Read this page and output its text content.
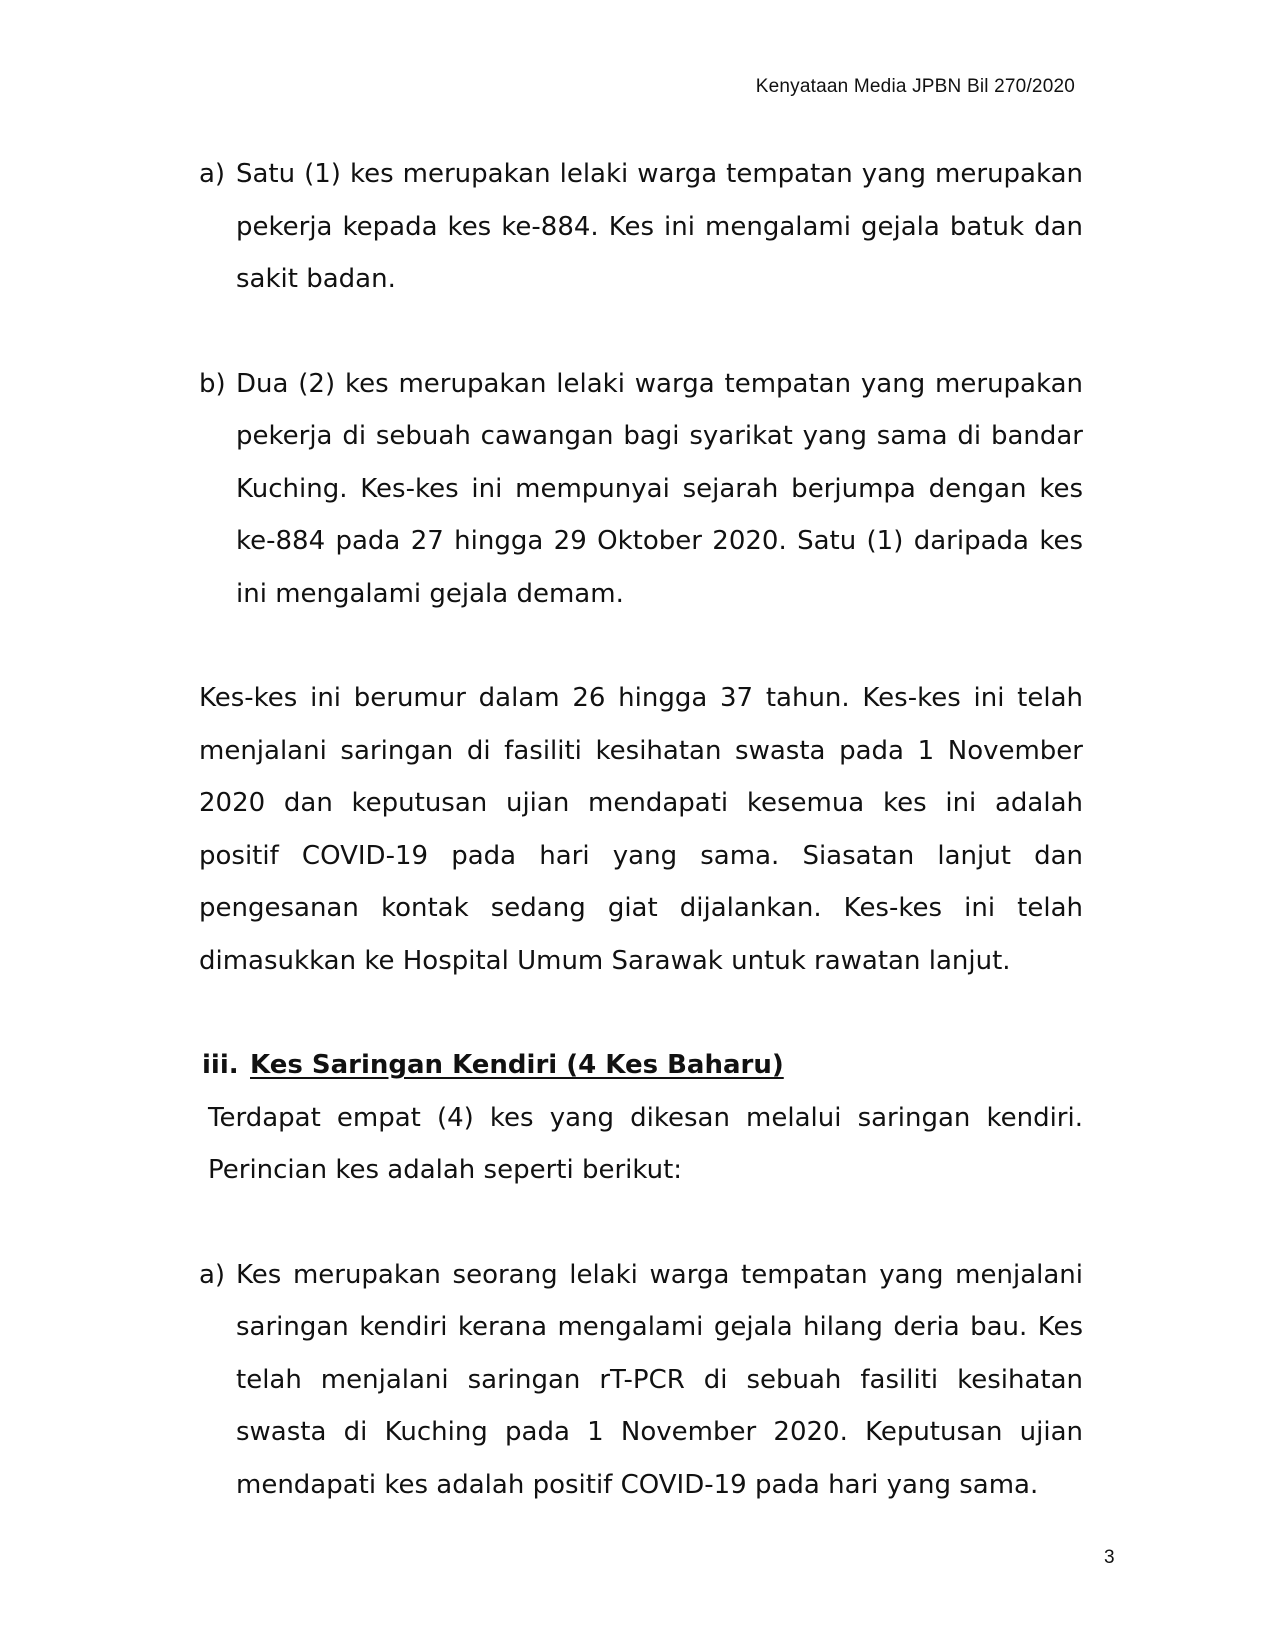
Kenyataan Media JPBN Bil 270/2020
a) Satu (1) kes merupakan lelaki warga tempatan yang merupakan pekerja kepada kes ke-884. Kes ini mengalami gejala batuk dan sakit badan.
b) Dua (2) kes merupakan lelaki warga tempatan yang merupakan pekerja di sebuah cawangan bagi syarikat yang sama di bandar Kuching. Kes-kes ini mempunyai sejarah berjumpa dengan kes ke-884 pada 27 hingga 29 Oktober 2020. Satu (1) daripada kes ini mengalami gejala demam.
Kes-kes ini berumur dalam 26 hingga 37 tahun. Kes-kes ini telah menjalani saringan di fasiliti kesihatan swasta pada 1 November 2020 dan keputusan ujian mendapati kesemua kes ini adalah positif COVID-19 pada hari yang sama. Siasatan lanjut dan pengesanan kontak sedang giat dijalankan. Kes-kes ini telah dimasukkan ke Hospital Umum Sarawak untuk rawatan lanjut.
iii. Kes Saringan Kendiri (4 Kes Baharu)
Terdapat empat (4) kes yang dikesan melalui saringan kendiri. Perincian kes adalah seperti berikut:
a) Kes merupakan seorang lelaki warga tempatan yang menjalani saringan kendiri kerana mengalami gejala hilang deria bau. Kes telah menjalani saringan rT-PCR di sebuah fasiliti kesihatan swasta di Kuching pada 1 November 2020. Keputusan ujian mendapati kes adalah positif COVID-19 pada hari yang sama.
3
